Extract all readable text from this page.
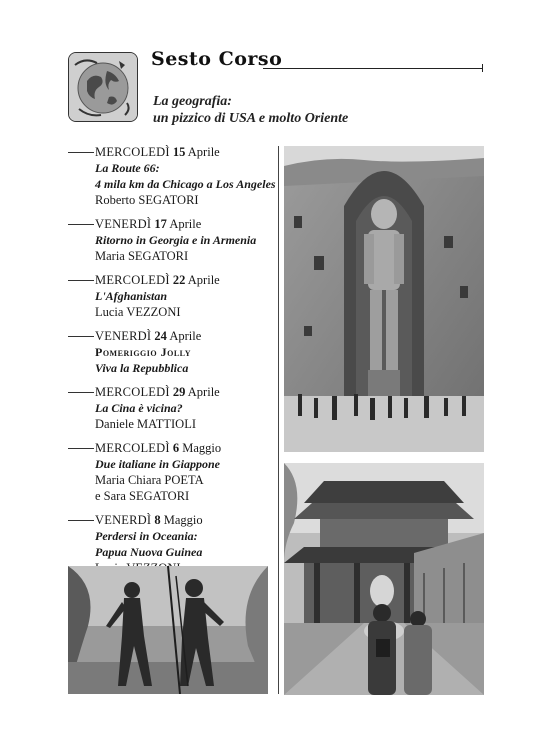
Sesto Corso
La geografia:
un pizzico di USA e molto Oriente
MERCOLEDÌ 15 Aprile
La Route 66:
4 mila km da Chicago a Los Angeles
Roberto SEGATORI
VENERDÌ 17 Aprile
Ritorno in Georgia e in Armenia
Maria SEGATORI
MERCOLEDÌ 22 Aprile
L'Afghanistan
Lucia VEZZONI
VENERDÌ 24 Aprile
Pomeriggio Jolly
Viva la Repubblica
MERCOLEDÌ 29 Aprile
La Cina è vicina?
Daniele MATTIOLI
MERCOLEDÌ 6 Maggio
Due italiane in Giappone
Maria Chiara POETA
e Sara SEGATORI
VENERDÌ 8 Maggio
Perdersi in Oceania:
Papua Nuova Guinea
